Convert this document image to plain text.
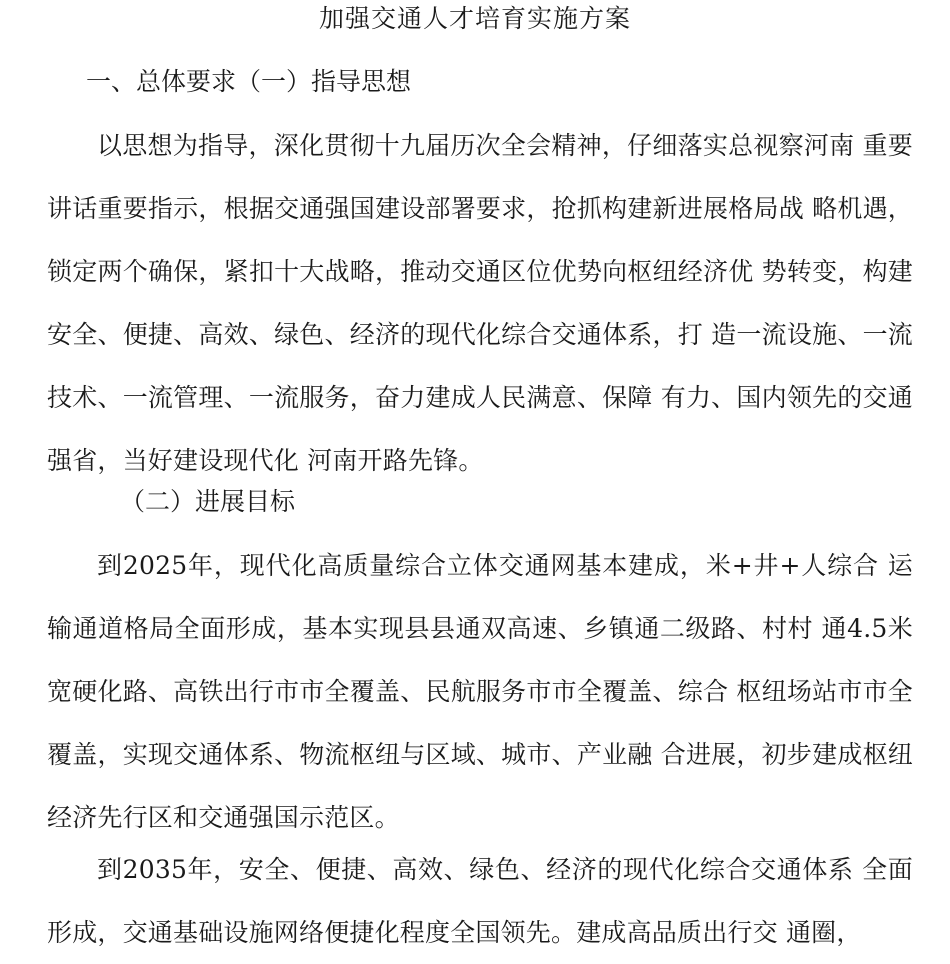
加强交通人才培育实施方案
一、总体要求（一）指导思想
以思想为指导，深化贯彻十九届历次全会精神，仔细落实总视察河南 重要讲话重要指示，根据交通强国建设部署要求，抢抓构建新进展格局战 略机遇，锁定两个确保，紧扣十大战略，推动交通区位优势向枢纽经济优 势转变，构建安全、便捷、高效、绿色、经济的现代化综合交通体系，打 造一流设施、一流技术、一流管理、一流服务，奋力建成人民满意、保障 有力、国内领先的交通强省，当好建设现代化 河南开路先锋。
（二）进展目标
到2025年，现代化高质量综合立体交通网基本建成，米+井+人综合 运输通道格局全面形成，基本实现县县通双高速、乡镇通二级路、村村 通4.5米宽硬化路、高铁出行市市全覆盖、民航服务市市全覆盖、综合 枢纽场站市市全覆盖，实现交通体系、物流枢纽与区域、城市、产业融 合进展，初步建成枢纽经济先行区和交通强国示范区。
到2035年，安全、便捷、高效、绿色、经济的现代化综合交通体系 全面形成，交通基础设施网络便捷化程度全国领先。建成高品质出行交 通圈，
